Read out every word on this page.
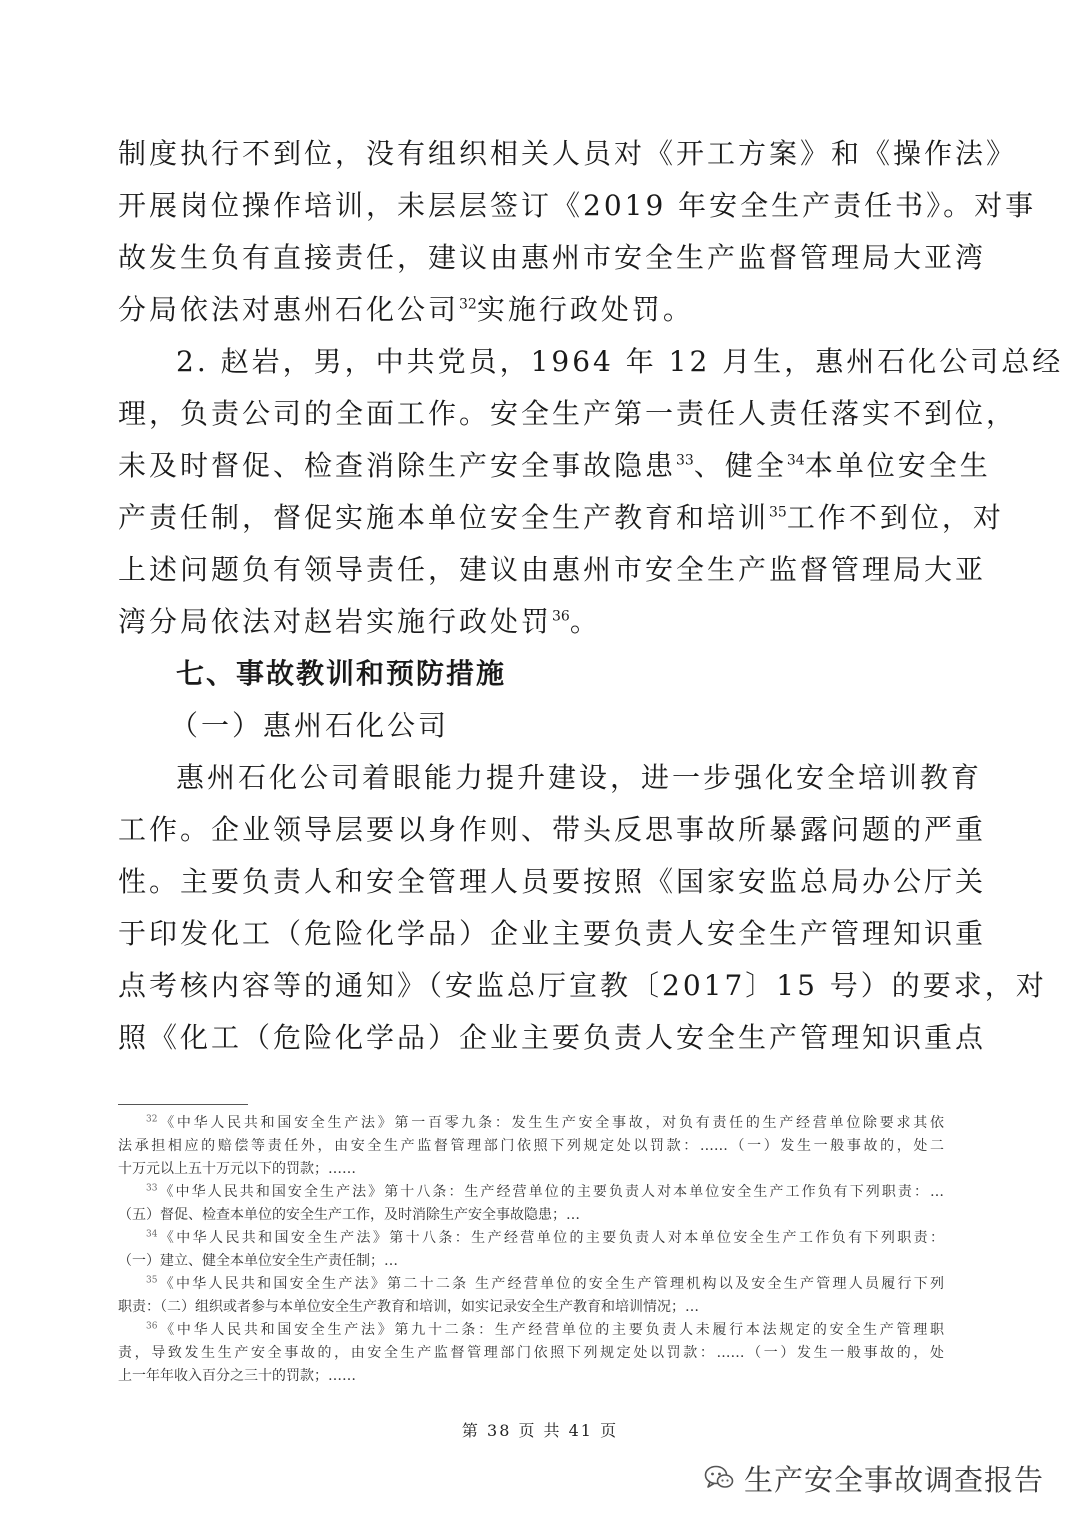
制度执行不到位，没有组织相关人员对《开工方案》和《操作法》
开展岗位操作培训，未层层签订《2019 年安全生产责任书》。对事
故发生负有直接责任，建议由惠州市安全生产监督管理局大亚湾
分局依法对惠州石化公司$^{32}$实施行政处罚。
2. 赵岩，男，中共党员，1964 年 12 月生，惠州石化公司总经
理，负责公司的全面工作。安全生产第一责任人责任落实不到位，
未及时督促、检查消除生产安全事故隐患$^{33}$、健全$^{34}$本单位安全生
产责任制，督促实施本单位安全生产教育和培训$^{35}$工作不到位，对
上述问题负有领导责任，建议由惠州市安全生产监督管理局大亚
湾分局依法对赵岩实施行政处罚$^{36}$。
七、事故教训和预防措施
（一）惠州石化公司
惠州石化公司着眼能力提升建设，进一步强化安全培训教育
工作。企业领导层要以身作则、带头反思事故所暴露问题的严重
性。主要负责人和安全管理人员要按照《国家安监总局办公厅关
于印发化工（危险化学品）企业主要负责人安全生产管理知识重
点考核内容等的通知》（安监总厅宣教〔2017〕15 号）的要求，对
照《化工（危险化学品）企业主要负责人安全生产管理知识重点
$^{32}$《中华人民共和国安全生产法》第一百零九条：发生生产安全事故，对负有责任的生产经营单位除要求其依
法承担相应的赔偿等责任外，由安全生产监督管理部门依照下列规定处以罚款：……（一）发生一般事故的，处二
十万元以上五十万元以下的罚款；……
$^{33}$《中华人民共和国安全生产法》第十八条：生产经营单位的主要负责人对本单位安全生产工作负有下列职责：…
（五）督促、检查本单位的安全生产工作，及时消除生产安全事故隐患；…
$^{34}$《中华人民共和国安全生产法》第十八条：生产经营单位的主要负责人对本单位安全生产工作负有下列职责：
（一）建立、健全本单位安全生产责任制；…
$^{35}$《中华人民共和国安全生产法》第二十二条 生产经营单位的安全生产管理机构以及安全生产管理人员履行下列
职责：（二）组织或者参与本单位安全生产教育和培训，如实记录安全生产教育和培训情况；…
$^{36}$《中华人民共和国安全生产法》第九十二条：生产经营单位的主要负责人未履行本法规定的安全生产管理职
责，导致发生生产安全事故的，由安全生产监督管理部门依照下列规定处以罚款：……（一）发生一般事故的，处
上一年年收入百分之三十的罚款；……
第 38 页 共 41 页
生产安全事故调查报告
